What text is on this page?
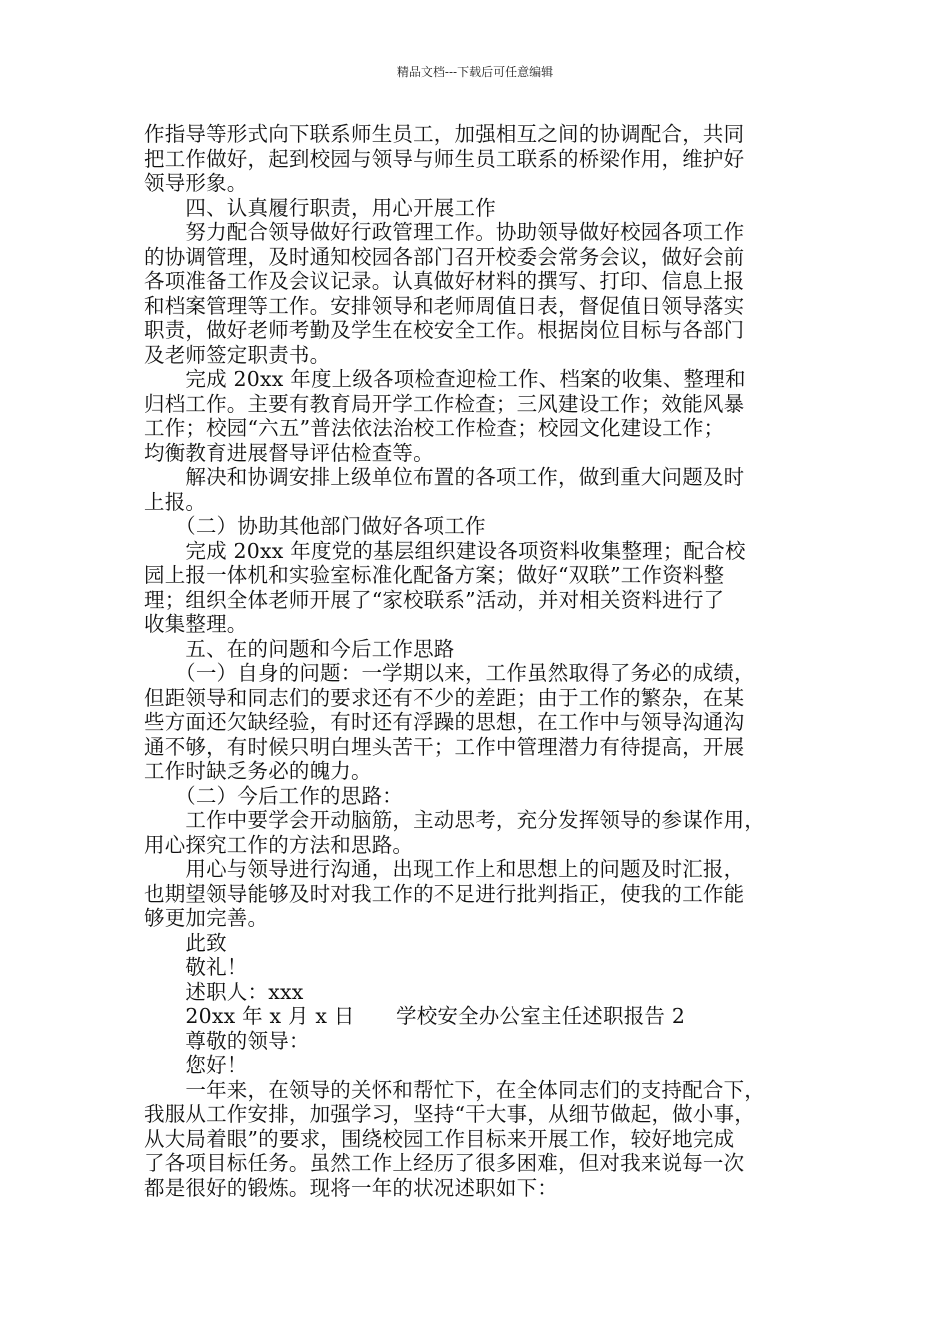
精品文档---下载后可任意编辑
作指导等形式向下联系师生员工，加强相互之间的协调配合，共同
把工作做好，起到校园与领导与师生员工联系的桥梁作用，维护好
领导形象。
　　四、认真履行职责，用心开展工作
　　努力配合领导做好行政管理工作。协助领导做好校园各项工作
的协调管理，及时通知校园各部门召开校委会常务会议，做好会前
各项准备工作及会议记录。认真做好材料的撰写、打印、信息上报
和档案管理等工作。安排领导和老师周值日表，督促值日领导落实
职责，做好老师考勤及学生在校安全工作。根据岗位目标与各部门
及老师签定职责书。
　　完成 20xx 年度上级各项检查迎检工作、档案的收集、整理和
归档工作。主要有教育局开学工作检查；三风建设工作；效能风暴
工作；校园“六五”普法依法治校工作检查；校园文化建设工作；
均衡教育进展督导评估检查等。
　　解决和协调安排上级单位布置的各项工作，做到重大问题及时
上报。
　　（二）协助其他部门做好各项工作
　　完成 20xx 年度党的基层组织建设各项资料收集整理；配合校
园上报一体机和实验室标准化配备方案；做好“双联”工作资料整
理；组织全体老师开展了“家校联系”活动，并对相关资料进行了
收集整理。
　　五、在的问题和今后工作思路
　　（一）自身的问题：一学期以来，工作虽然取得了务必的成绩，
但距领导和同志们的要求还有不少的差距；由于工作的繁杂，在某
些方面还欠缺经验，有时还有浮躁的思想，在工作中与领导沟通沟
通不够，有时候只明白埋头苦干；工作中管理潜力有待提高，开展
工作时缺乏务必的魄力。
　　（二）今后工作的思路：
　　工作中要学会开动脑筋，主动思考，充分发挥领导的参谋作用，
用心探究工作的方法和思路。
　　用心与领导进行沟通，出现工作上和思想上的问题及时汇报，
也期望领导能够及时对我工作的不足进行批判指正，使我的工作能
够更加完善。
　　此致
　　敬礼！
　　述职人：xxx
　　20xx 年 x 月 x 日　　学校安全办公室主任述职报告 2
　　尊敬的领导：
　　您好！
　　一年来，在领导的关怀和帮忙下，在全体同志们的支持配合下，
我服从工作安排，加强学习，坚持“干大事，从细节做起，做小事，
从大局着眼”的要求，围绕校园工作目标来开展工作，较好地完成
了各项目标任务。虽然工作上经历了很多困难，但对我来说每一次
都是很好的锻炼。现将一年的状况述职如下：
